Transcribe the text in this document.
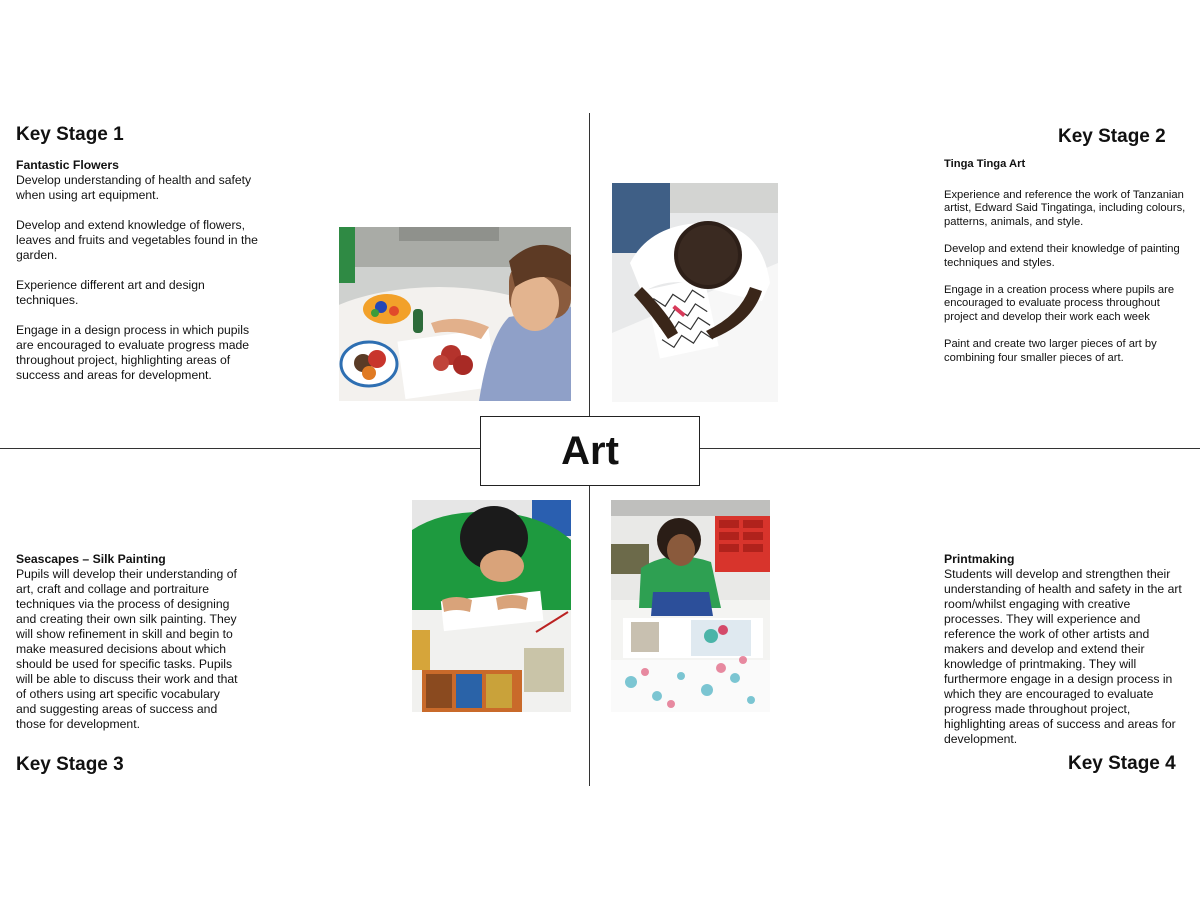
Key Stage 1
Fantastic Flowers

Develop understanding of health and safety when using art equipment.

Develop and extend knowledge of flowers, leaves and fruits and vegetables found in the garden.

Experience different art and design techniques.

Engage in a design process in which pupils are encouraged to evaluate progress made throughout project, highlighting areas of success and areas for development.

Key Stage 2
Tinga Tinga Art

Experience and reference the work of Tanzanian artist, Edward Said Tingatinga, including colours, patterns, animals, and style.

Develop and extend their knowledge of painting techniques and styles.

Engage in a creation process where pupils are encouraged to evaluate process throughout project and develop their work each week

Paint and create two larger pieces of art by combining four smaller pieces of art.

Art
Seascapes – Silk Painting
Pupils will develop their understanding of art, craft and collage and portraiture techniques via the process of designing and creating their own silk painting. They will show refinement in skill and begin to make measured decisions about which should be used for specific tasks. Pupils will be able to discuss their work and that of others using art specific vocabulary and suggesting areas of success and those for development.
Key Stage 3
Printmaking
Students will develop and strengthen their understanding of health and safety in the art room/whilst engaging with creative processes. They will experience and reference the work of other artists and makers and develop and extend their knowledge of printmaking. They will furthermore engage in a design process in which they are encouraged to evaluate progress made throughout project, highlighting areas of success and areas for development.
Key Stage 4
